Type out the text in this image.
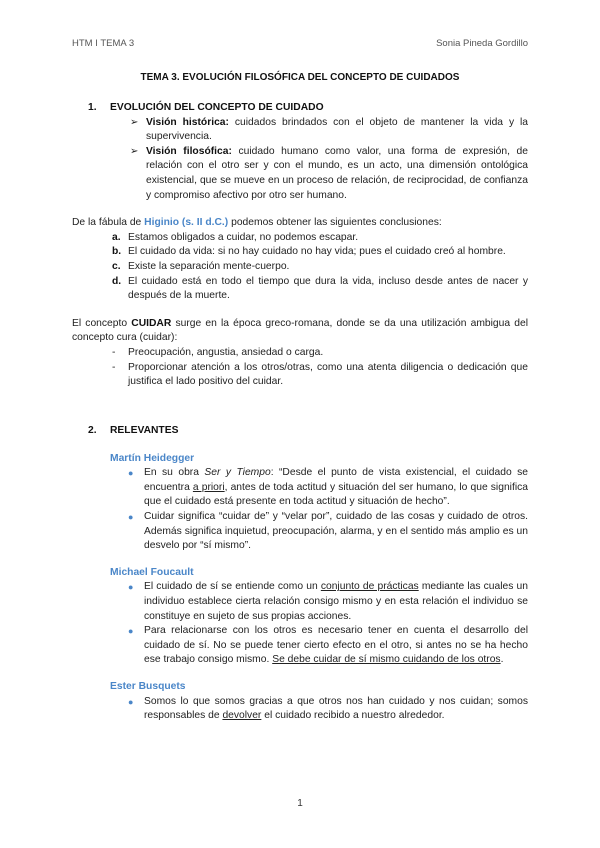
HTM I TEMA 3	Sonia Pineda Gordillo
TEMA 3. EVOLUCIÓN FILOSÓFICA DEL CONCEPTO DE CUIDADOS
1. EVOLUCIÓN DEL CONCEPTO DE CUIDADO
➢ Visión histórica: cuidados brindados con el objeto de mantener la vida y la supervivencia.
➢ Visión filosófica: cuidado humano como valor, una forma de expresión, de relación con el otro ser y con el mundo, es un acto, una dimensión ontológica existencial, que se mueve en un proceso de relación, de reciprocidad, de confianza y compromiso afectivo por otro ser humano.
De la fábula de Higinio (s. II d.C.) podemos obtener las siguientes conclusiones:
a. Estamos obligados a cuidar, no podemos escapar.
b. El cuidado da vida: si no hay cuidado no hay vida; pues el cuidado creó al hombre.
c. Existe la separación mente-cuerpo.
d. El cuidado está en todo el tiempo que dura la vida, incluso desde antes de nacer y después de la muerte.
El concepto CUIDAR surge en la época greco-romana, donde se da una utilización ambigua del concepto cura (cuidar):
- Preocupación, angustia, ansiedad o carga.
- Proporcionar atención a los otros/otras, como una atenta diligencia o dedicación que justifica el lado positivo del cuidar.
2. RELEVANTES
Martín Heidegger
● En su obra Ser y Tiempo: “Desde el punto de vista existencial, el cuidado se encuentra a priori, antes de toda actitud y situación del ser humano, lo que significa que el cuidado está presente en toda actitud y situación de hecho”.
● Cuidar significa “cuidar de” y “velar por”, cuidado de las cosas y cuidado de otros. Además significa inquietud, preocupación, alarma, y en el sentido más amplio es un desvelo por “sí mismo”.
Michael Foucault
● El cuidado de sí se entiende como un conjunto de prácticas mediante las cuales un individuo establece cierta relación consigo mismo y en esta relación el individuo se constituye en sujeto de sus propias acciones.
● Para relacionarse con los otros es necesario tener en cuenta el desarrollo del cuidado de sí. No se puede tener cierto efecto en el otro, si antes no se ha hecho ese trabajo consigo mismo. Se debe cuidar de sí mismo cuidando de los otros.
Ester Busquets
● Somos lo que somos gracias a que otros nos han cuidado y nos cuidan; somos responsables de devolver el cuidado recibido a nuestro alrededor.
1
